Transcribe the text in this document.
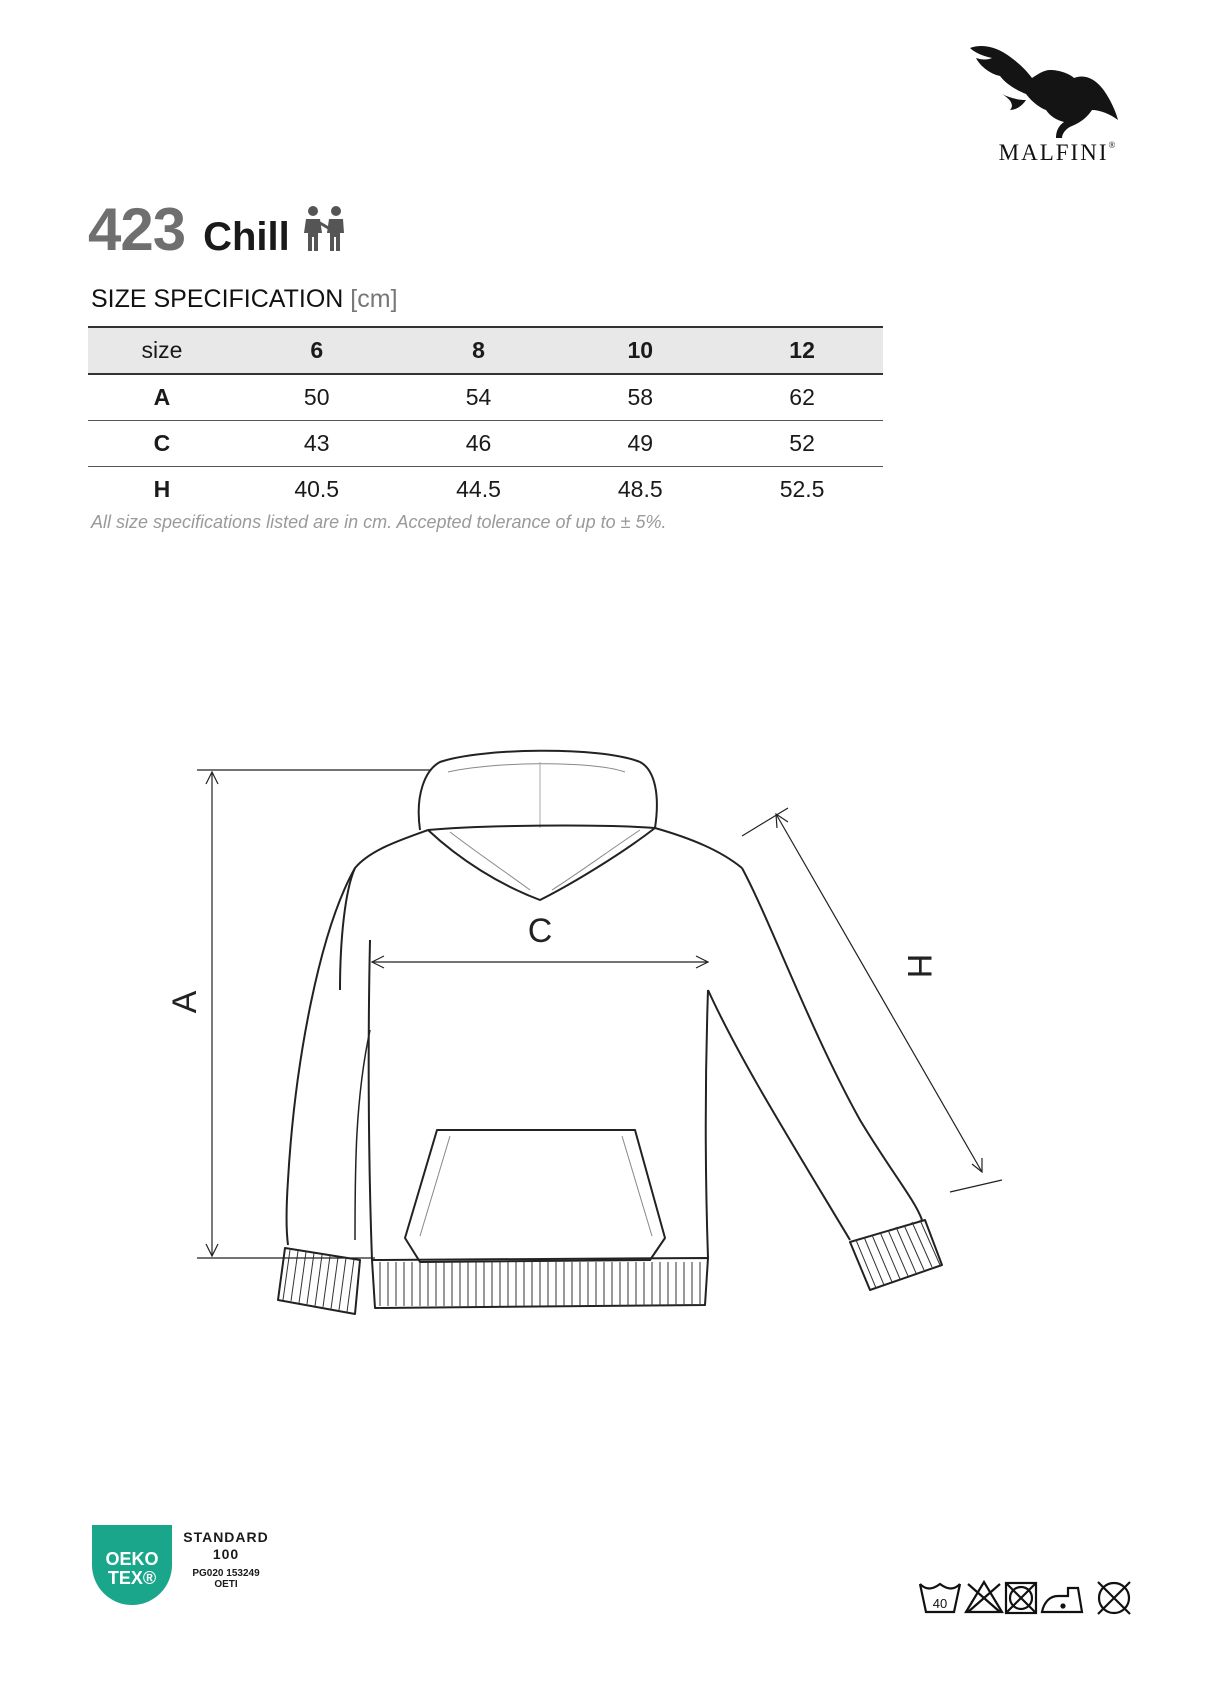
MALFINI®
423 Chill
SIZE SPECIFICATION [cm]
size	6	8	10	12
A	50	54	58	62
C	43	46	49	52
H	40.5	44.5	48.5	52.5
All size specifications listed are in cm. Accepted tolerance of up to ± 5%.
A
C
H
OEKO
TEX®
STANDARD
100
PG020 153249
OETI
40
